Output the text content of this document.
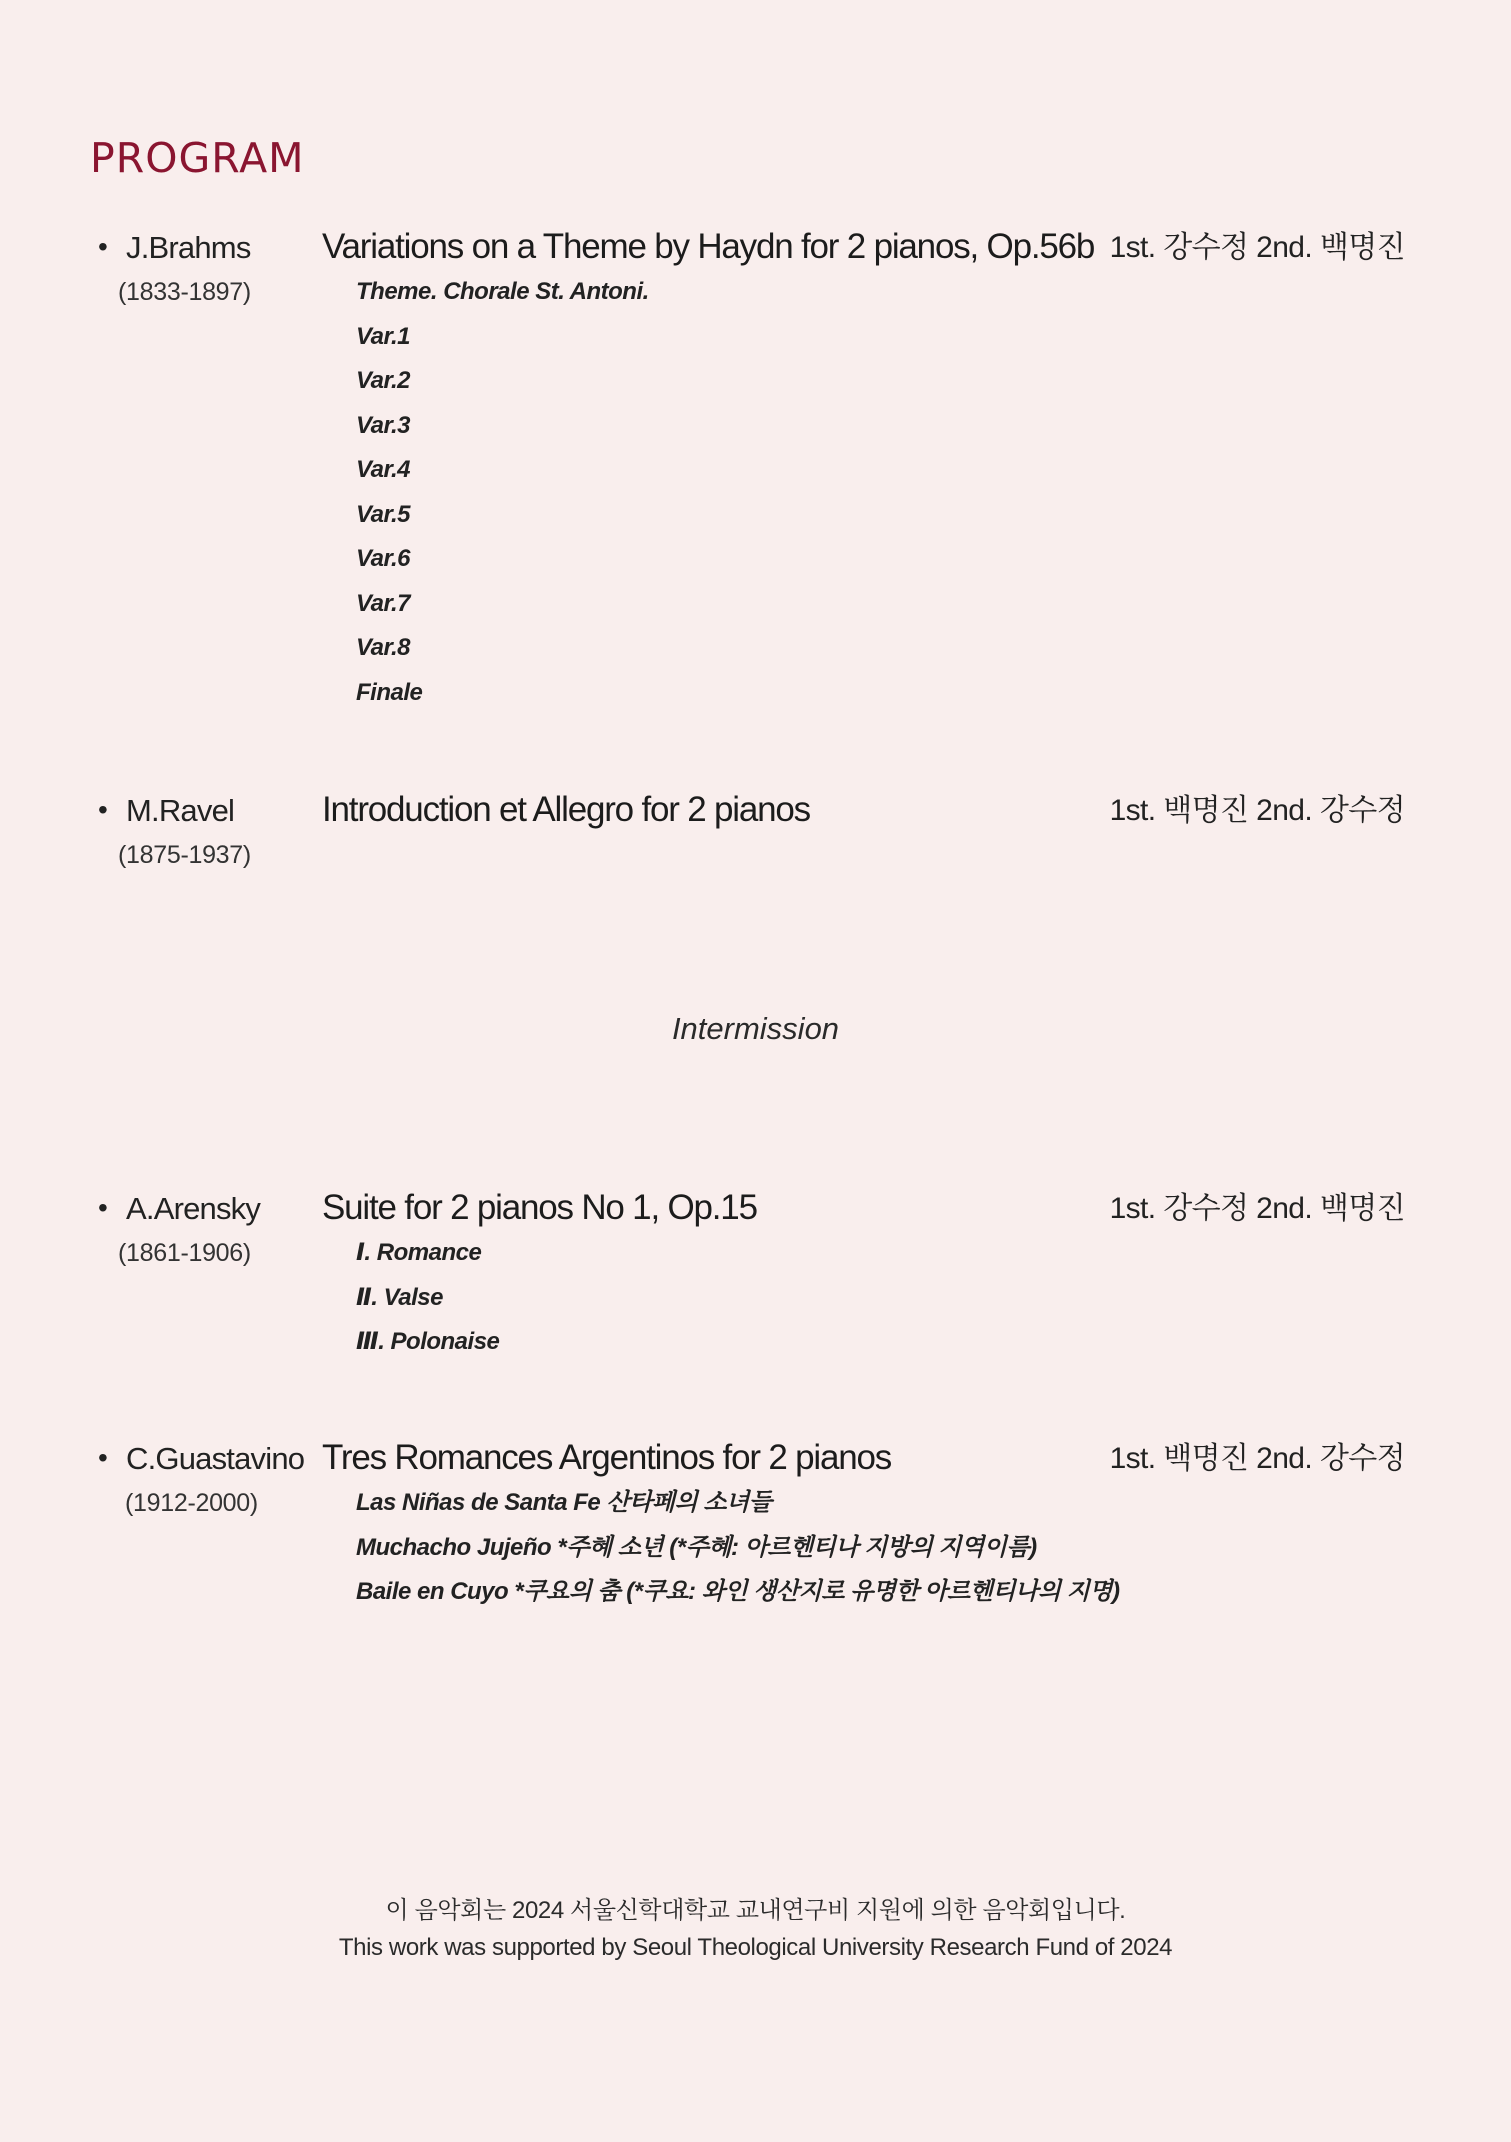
PROGRAM
• J.Brahms
(1833-1897)
Variations on a Theme by Haydn for 2 pianos, Op.56b 1st. 강수정 2nd. 백명진
Theme. Chorale St. Antoni.
Var.1
Var.2
Var.3
Var.4
Var.5
Var.6
Var.7
Var.8
Finale
• M.Ravel
(1875-1937)
Introduction et Allegro for 2 pianos	1st. 백명진 2nd. 강수정
Intermission
• A.Arensky
(1861-1906)
Suite for 2 pianos No 1, Op.15	1st. 강수정 2nd. 백명진
Ⅰ. Romance
Ⅱ. Valse
Ⅲ. Polonaise
• C.Guastavino
(1912-2000)
Tres Romances Argentinos for 2 pianos	1st. 백명진 2nd. 강수정
Las Niñas de Santa Fe 산타페의 소녀들
Muchacho Jujeño *주혜 소년 (*주혜: 아르헨티나 지방의 지역이름)
Baile en Cuyo *쿠요의 춤 (*쿠요: 와인 생산지로 유명한 아르헨티나의 지명)
이 음악회는 2024 서울신학대학교 교내연구비 지원에 의한 음악회입니다.
This work was supported by Seoul Theological University Research Fund of 2024
